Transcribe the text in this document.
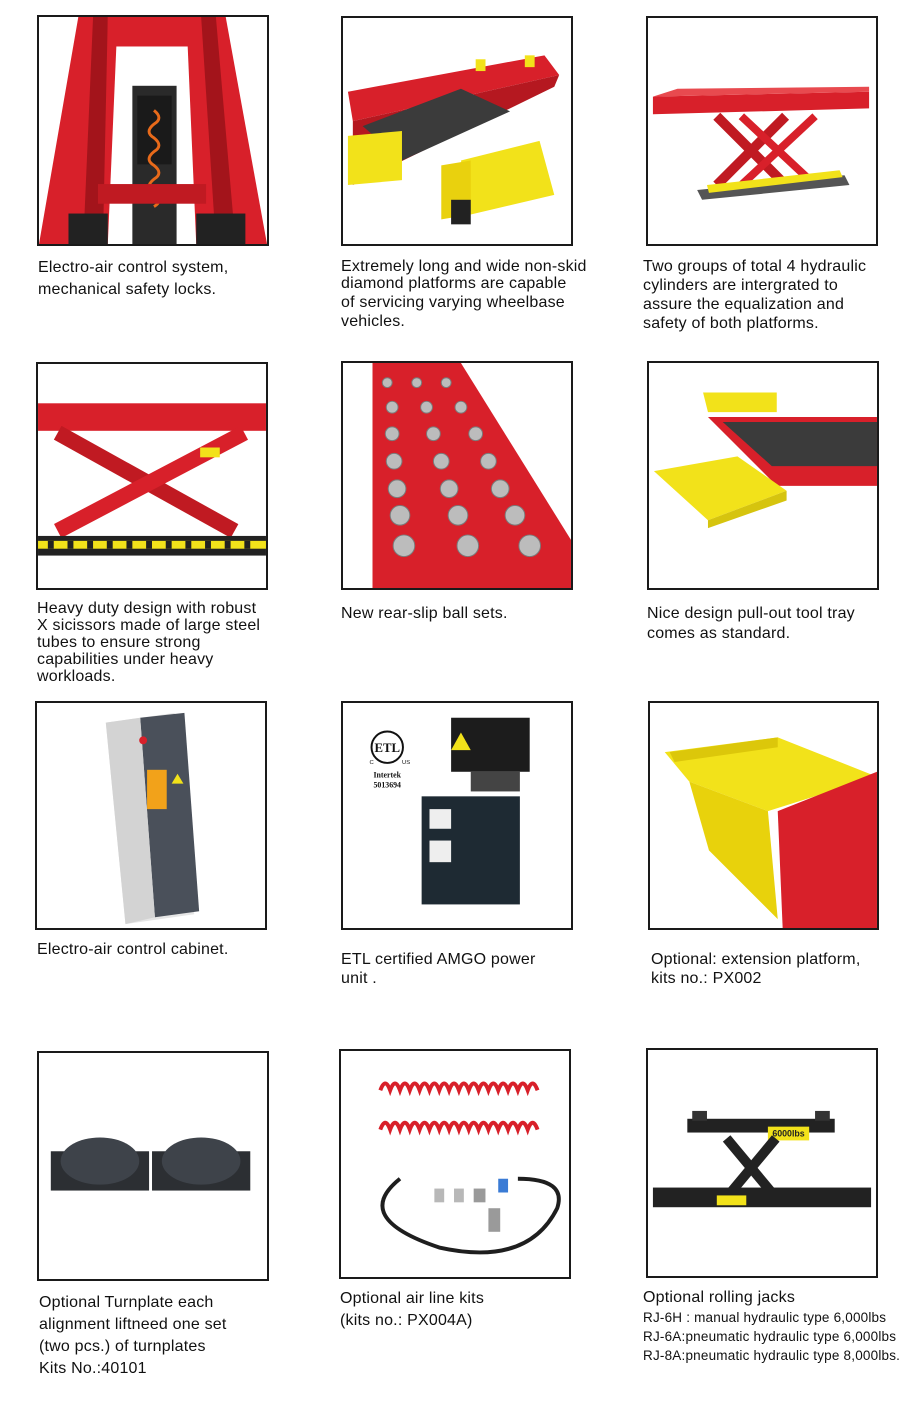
Electro-air control system,
mechanical safety locks.
Extremely long and wide non-skid
diamond platforms are capable
of servicing varying wheelbase
vehicles.
Two groups of total 4 hydraulic
cylinders are intergrated to
assure the equalization and
safety of both platforms.
Heavy duty design with robust
X sicissors made of large steel
tubes to ensure strong
capabilities under heavy
workloads.
New rear-slip ball sets.	Nice design pull-out tool tray
comes as standard.
Electro-air control cabinet.
ETL
C	US
Intertek
5013694
ETL certified AMGO power
unit .
Optional: extension platform,
kits no.: PX002
Optional Turnplate each
alignment liftneed one set
(two pcs.) of turnplates
Kits No.:40101
Optional air line kits
(kits no.: PX004A)
6000lbs
Optional rolling jacks
RJ-6H : manual hydraulic type 6,000lbs
RJ-6A:pneumatic hydraulic type 6,000lbs
RJ-8A:pneumatic hydraulic type 8,000lbs.
